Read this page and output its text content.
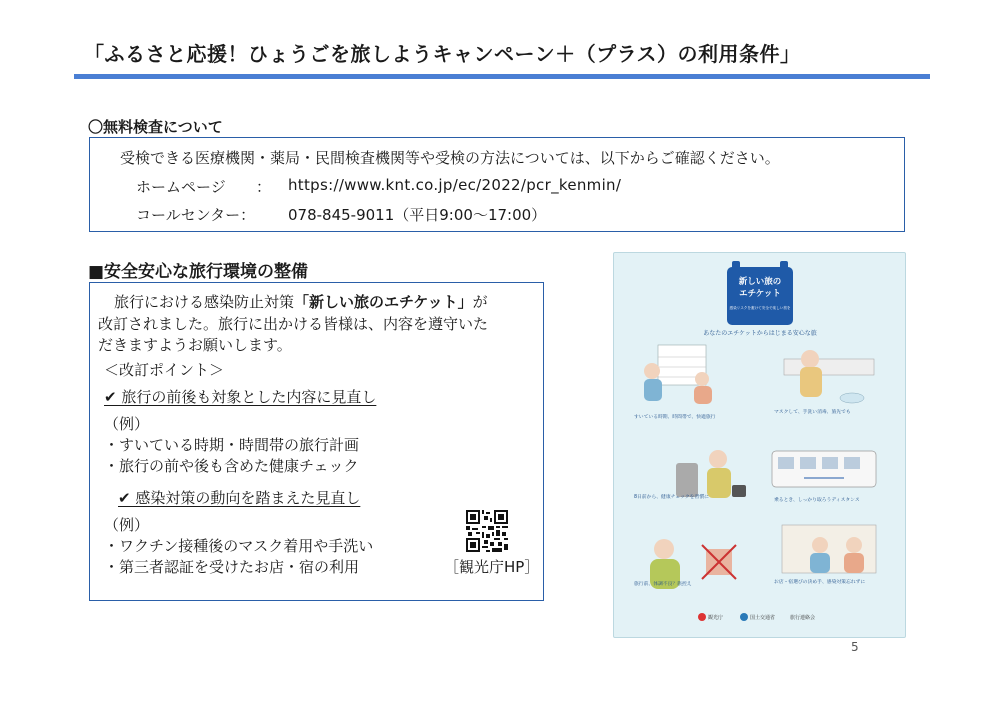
「ふるさと応援！ひょうごを旅しようキャンペーン＋（プラス）の利用条件」
〇無料検査について
受検できる医療機関・薬局・民間検査機関等や受検の方法については、以下からご確認ください。
ホームページ ： https://www.knt.co.jp/ec/2022/pcr_kenmin/
コールセンター： 078-845-9011（平日9:00～17:00）
■安全安心な旅行環境の整備
旅行における感染防止対策「新しい旅のエチケット」が
改訂されました。旅行に出かける皆様は、内容を遵守いた
だきますようお願いします。
＜改訂ポイント＞
✔ 旅行の前後も対象とした内容に見直し
（例）
・すいている時期・時間帯の旅行計画
・旅行の前や後も含めた健康チェック
✔ 感染対策の動向を踏まえた見直し
（例）
・ワクチン接種後のマスク着用や手洗い
・第三者認証を受けたお店・宿の利用	［観光庁HP］
新しい旅の
エチケット
感染リスクを避けて安全で楽しい旅を
あなたのエチケットからはじまる安心な旅
すいている時期、時間帯で、快適旅行
マスクして、手洗い消毒、旅先でも
8日前から、健康チェックを習慣に
乗るとき、しっかり取ろうディスタンス
旅行前、体調不良？旅控え	お店・宿選びの決め手、感染対策忘れずに
観光庁	国土交通省	旅行連絡会
5
